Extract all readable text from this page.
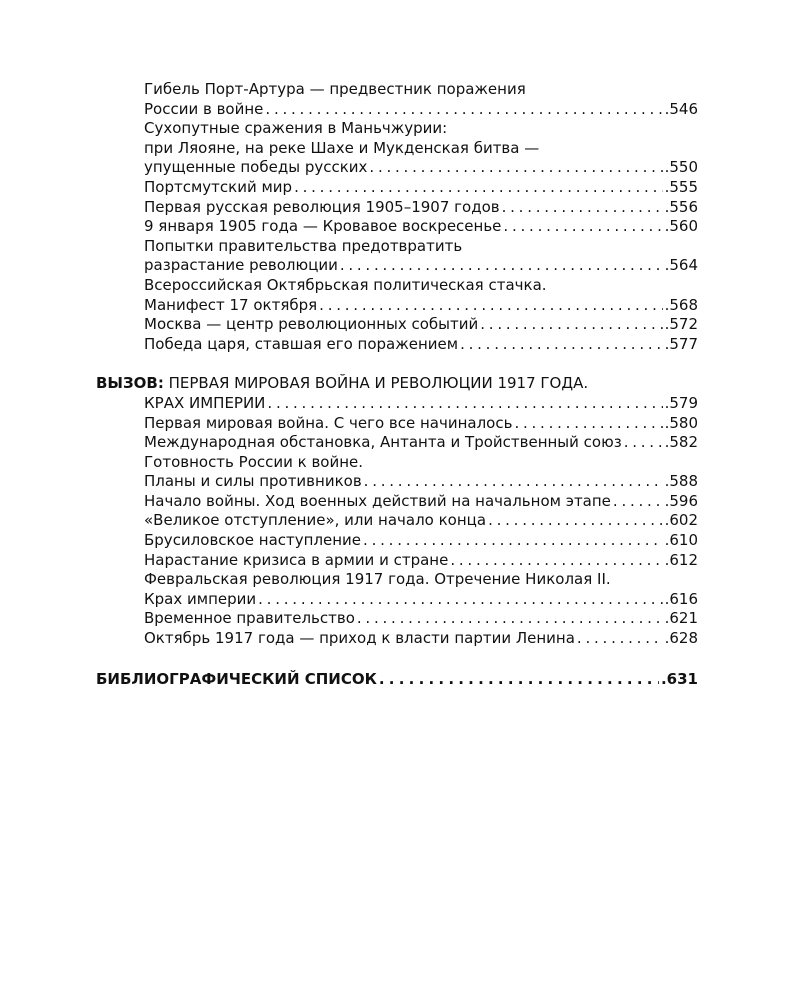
Гибель Порт-Артура — предвестник поражения
России в войне . . .	.546
Сухопутные сражения в Маньчжурии:
при Ляояне, на реке Шахе и Мукденская битва —
упущенные победы русских . . .	.550
Портсмутский мир . . .	.555
Первая русская революция 1905–1907 годов . . .	.556
9 января 1905 года — Кровавое воскресенье . . .	.560
Попытки правительства предотвратить
разрастание революции . . .	.564
Всероссийская Октябрьская политическая стачка.
Манифест 17 октября . . .	.568
Москва — центр революционных событий . . .	.572
Победа царя, ставшая его поражением . . .	.577
ВЫЗОВ: ПЕРВАЯ МИРОВАЯ ВОЙНА И РЕВОЛЮЦИИ 1917 ГОДА.
КРАХ ИМПЕРИИ . . .	.579
Первая мировая война. С чего все начиналось . . .	.580
Международная обстановка, Антанта и Тройственный союз . . .	.582
Готовность России к войне.
Планы и силы противников . . .	.588
Начало войны. Ход военных действий на начальном этапе . . .	.596
«Великое отступление», или начало конца . . .	.602
Брусиловское наступление . . .	.610
Нарастание кризиса в армии и стране . . .	.612
Февральская революция 1917 года. Отречение Николая II.
Крах империи . . .	.616
Временное правительство . . .	.621
Октябрь 1917 года — приход к власти партии Ленина . . .	.628
БИБЛИОГРАФИЧЕСКИЙ СПИСОК . . .	.631
